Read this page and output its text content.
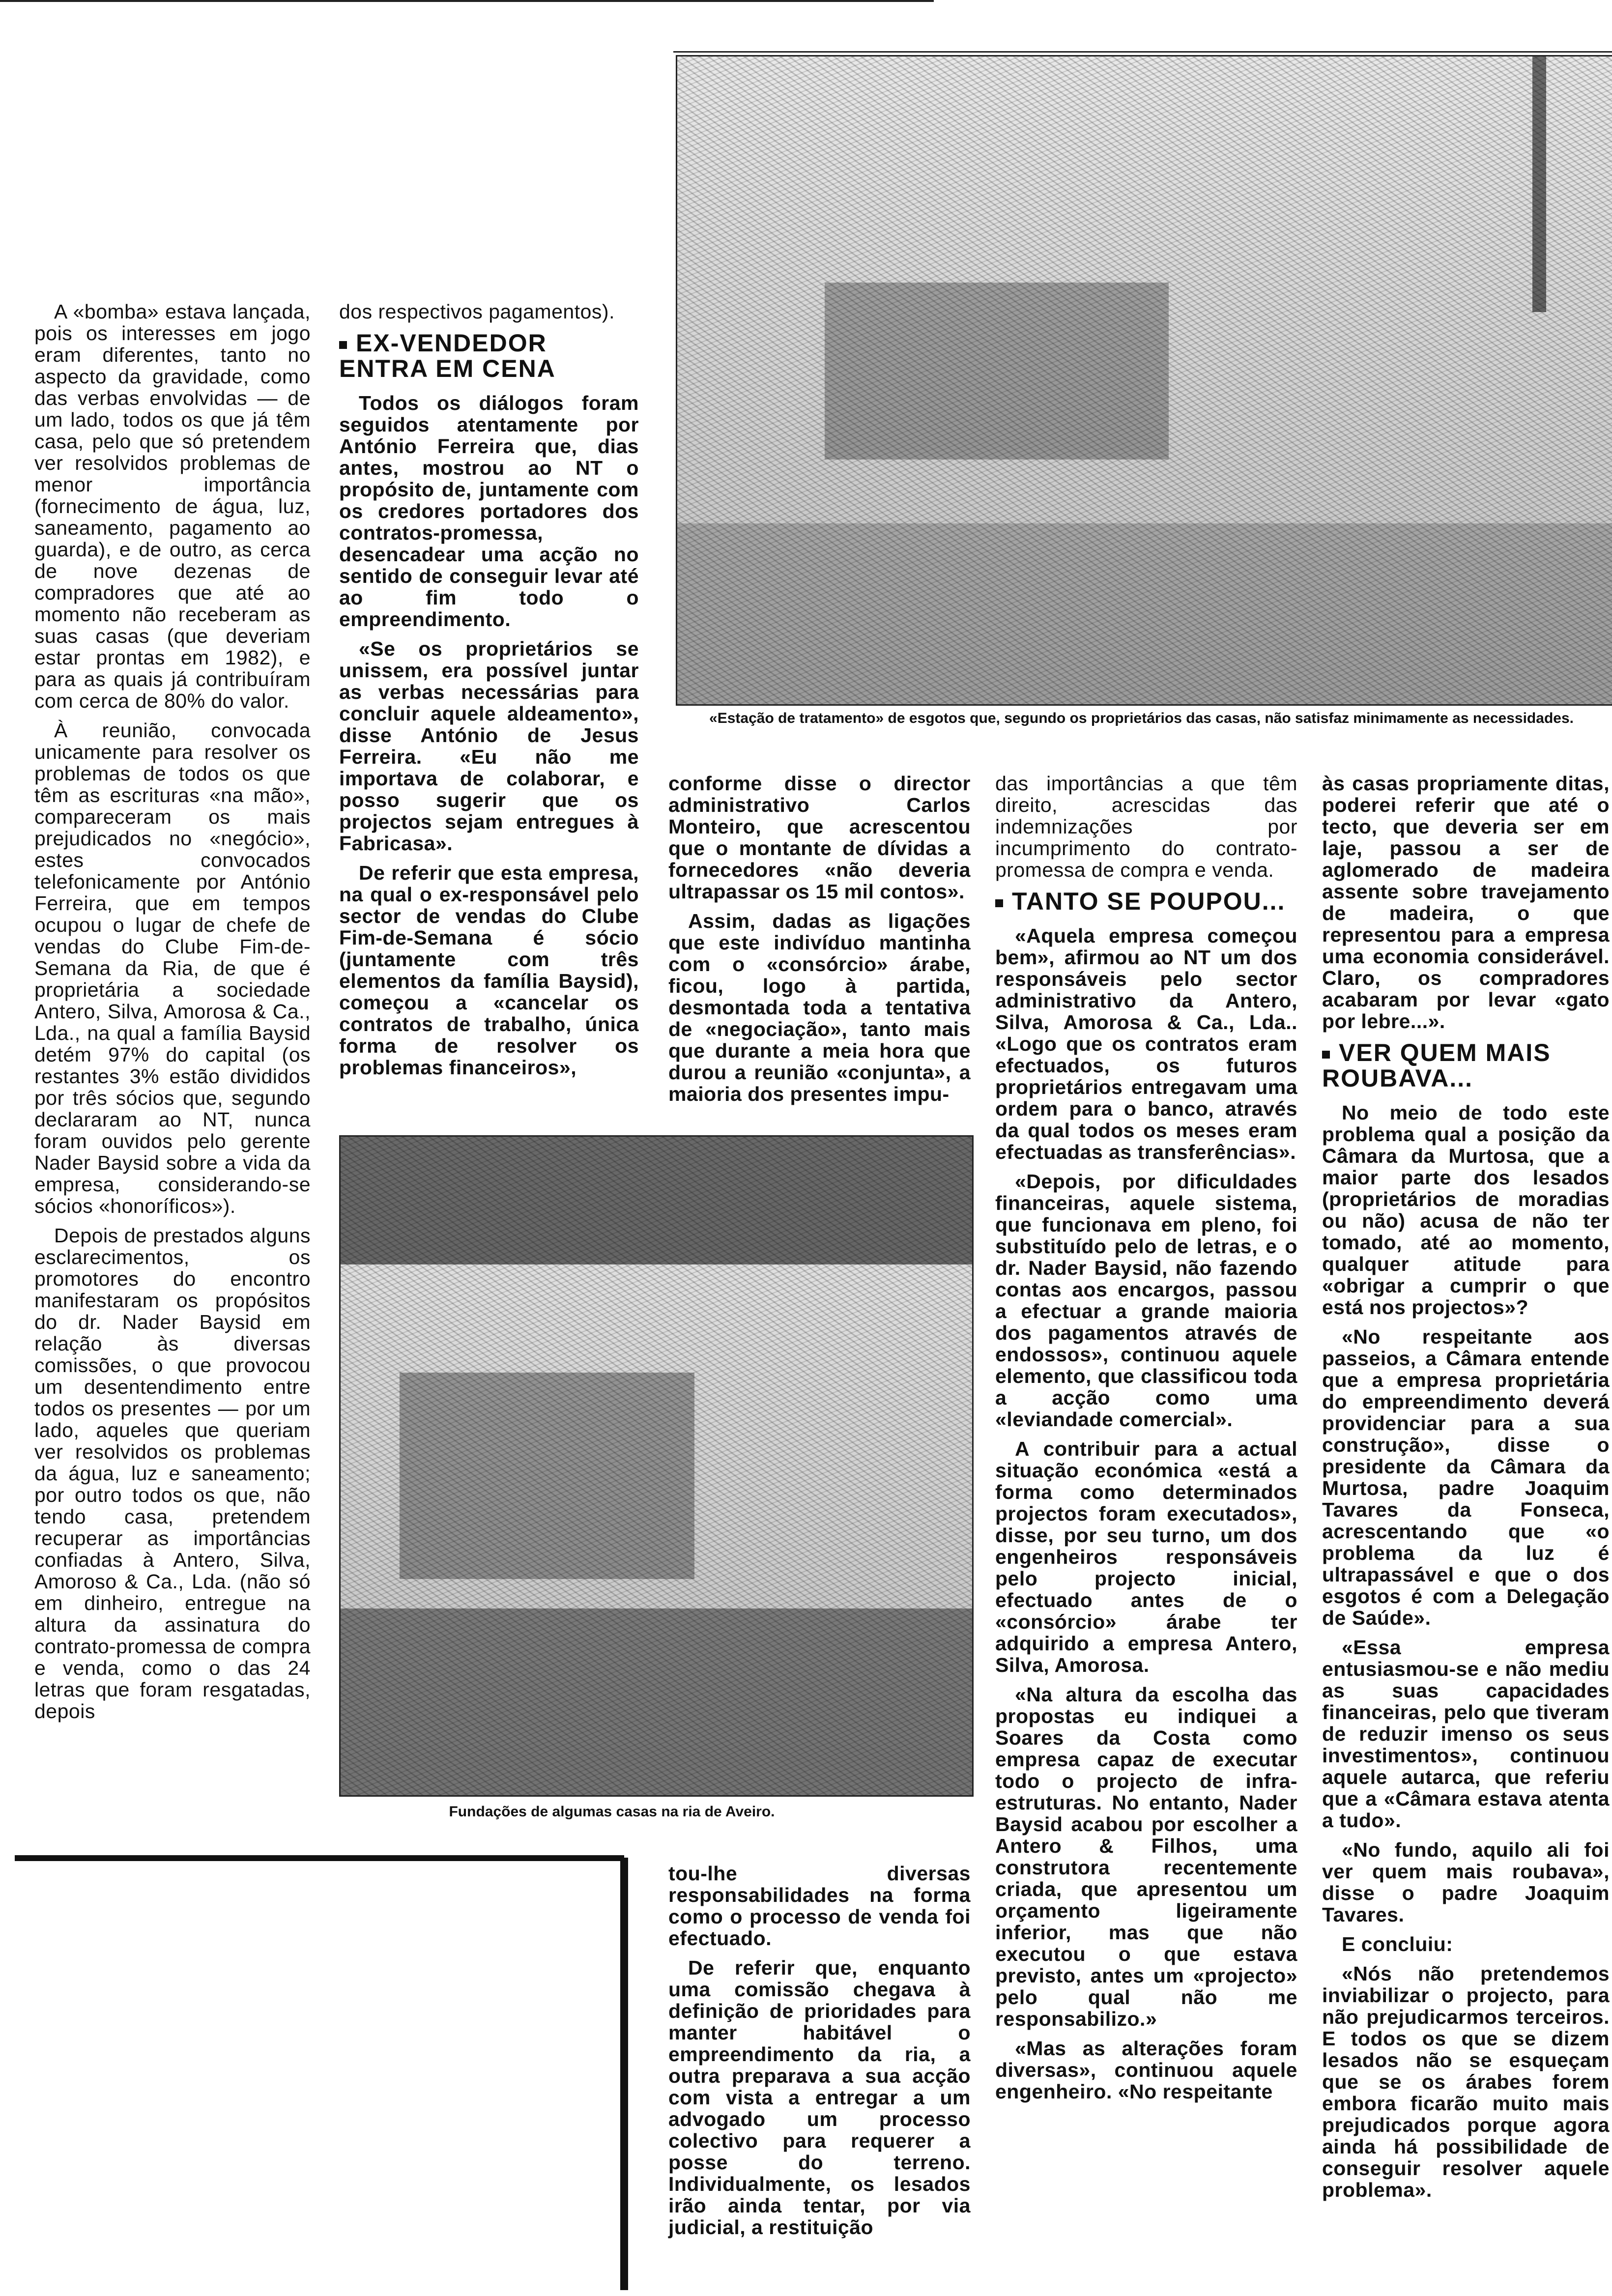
«Estação de tratamento» de esgotos que, segundo os proprietários das casas, não satisfaz minimamente as necessidades.

A «bomba» estava lançada, pois os interesses em jogo eram diferentes, tanto no aspecto da gravidade, como das verbas envolvidas — de um lado, todos os que já têm casa, pelo que só pretendem ver resolvidos problemas de menor importância (fornecimento de água, luz, saneamento, pagamento ao guarda), e de outro, as cerca de nove dezenas de compradores que até ao momento não receberam as suas casas (que deveriam estar prontas em 1982), e para as quais já contribuíram com cerca de 80% do valor.

À reunião, convocada unicamente para resolver os problemas de todos os que têm as escrituras «na mão», compareceram os mais prejudicados no «negócio», estes convocados telefonicamente por António Ferreira, que em tempos ocupou o lugar de chefe de vendas do Clube Fim-de-Semana da Ria, de que é proprietária a sociedade Antero, Silva, Amorosa & Ca., Lda., na qual a família Baysid detém 97% do capital (os restantes 3% estão divididos por três sócios que, segundo declararam ao NT, nunca foram ouvidos pelo gerente Nader Baysid sobre a vida da empresa, considerando-se sócios «honoríficos»).

Depois de prestados alguns esclarecimentos, os promotores do encontro manifestaram os propósitos do dr. Nader Baysid em relação às diversas comissões, o que provocou um desentendimento entre todos os presentes — por um lado, aqueles que queriam ver resolvidos os problemas da água, luz e saneamento; por outro todos os que, não tendo casa, pretendem recuperar as importâncias confiadas à Antero, Silva, Amoroso & Ca., Lda. (não só em dinheiro, entregue na altura da assinatura do contrato-promessa de compra e venda, como o das 24 letras que foram resgatadas, depois

dos respectivos pagamentos).

EX-VENDEDOR ENTRA EM CENA

Todos os diálogos foram seguidos atentamente por António Ferreira que, dias antes, mostrou ao NT o propósito de, juntamente com os credores portadores dos contratos-promessa, desencadear uma acção no sentido de conseguir levar até ao fim todo o empreendimento.

«Se os proprietários se unissem, era possível juntar as verbas necessárias para concluir aquele aldeamento», disse António de Jesus Ferreira. «Eu não me importava de colaborar, e posso sugerir que os projectos sejam entregues à Fabricasa».

De referir que esta empresa, na qual o ex-responsável pelo sector de vendas do Clube Fim-de-Semana é sócio (juntamente com três elementos da família Baysid), começou a «cancelar os contratos de trabalho, única forma de resolver os problemas financeiros»,

conforme disse o director administrativo Carlos Monteiro, que acrescentou que o montante de dívidas a fornecedores «não deveria ultrapassar os 15 mil contos».

Assim, dadas as ligações que este indivíduo mantinha com o «consórcio» árabe, ficou, logo à partida, desmontada toda a tentativa de «negociação», tanto mais que durante a meia hora que durou a reunião «conjunta», a maioria dos presentes impu-

Fundações de algumas casas na ria de Aveiro.

das importâncias a que têm direito, acrescidas das indemnizações por incumprimento do contrato-promessa de compra e venda.

TANTO SE POUPOU...

«Aquela empresa começou bem», afirmou ao NT um dos responsáveis pelo sector administrativo da Antero, Silva, Amorosa & Ca., Lda.. «Logo que os contratos eram efectuados, os futuros proprietários entregavam uma ordem para o banco, através da qual todos os meses eram efectuadas as transferências».

«Depois, por dificuldades financeiras, aquele sistema, que funcionava em pleno, foi substituído pelo de letras, e o dr. Nader Baysid, não fazendo contas aos encargos, passou a efectuar a grande maioria dos pagamentos através de endossos», continuou aquele elemento, que classificou toda a acção como uma «leviandade comercial».

A contribuir para a actual situação económica «está a forma como determinados projectos foram executados», disse, por seu turno, um dos engenheiros responsáveis pelo projecto inicial, efectuado antes de o «consórcio» árabe ter adquirido a empresa Antero, Silva, Amorosa.

«Na altura da escolha das propostas eu indiquei a Soares da Costa como empresa capaz de executar todo o projecto de infra-estruturas. No entanto, Nader Baysid acabou por escolher a Antero & Filhos, uma construtora recentemente criada, que apresentou um orçamento ligeiramente inferior, mas que não executou o que estava previsto, antes um «projecto» pelo qual não me responsabilizo.»

«Mas as alterações foram diversas», continuou aquele engenheiro. «No respeitante

às casas propriamente ditas, poderei referir que até o tecto, que deveria ser em laje, passou a ser de aglomerado de madeira assente sobre travejamento de madeira, o que representou para a empresa uma economia considerável. Claro, os compradores acabaram por levar «gato por lebre...».

VER QUEM MAIS ROUBAVA...

No meio de todo este problema qual a posição da Câmara da Murtosa, que a maior parte dos lesados (proprietários de moradias ou não) acusa de não ter tomado, até ao momento, qualquer atitude para «obrigar a cumprir o que está nos projectos»?

«No respeitante aos passeios, a Câmara entende que a empresa proprietária do empreendimento deverá providenciar para a sua construção», disse o presidente da Câmara da Murtosa, padre Joaquim Tavares da Fonseca, acrescentando que «o problema da luz é ultrapassável e que o dos esgotos é com a Delegação de Saúde».

«Essa empresa entusiasmou-se e não mediu as suas capacidades financeiras, pelo que tiveram de reduzir imenso os seus investimentos», continuou aquele autarca, que referiu que a «Câmara estava atenta a tudo».

«No fundo, aquilo ali foi ver quem mais roubava», disse o padre Joaquim Tavares.

E concluiu:

«Nós não pretendemos inviabilizar o projecto, para não prejudicarmos terceiros. E todos os que se dizem lesados não se esqueçam que se os árabes forem embora ficarão muito mais prejudicados porque agora ainda há possibilidade de conseguir resolver aquele problema».

tou-lhe diversas responsabilidades na forma como o processo de venda foi efectuado.

De referir que, enquanto uma comissão chegava à definição de prioridades para manter habitável o empreendimento da ria, a outra preparava a sua acção com vista a entregar a um advogado um processo colectivo para requerer a posse do terreno. Individualmente, os lesados irão ainda tentar, por via judicial, a restituição
